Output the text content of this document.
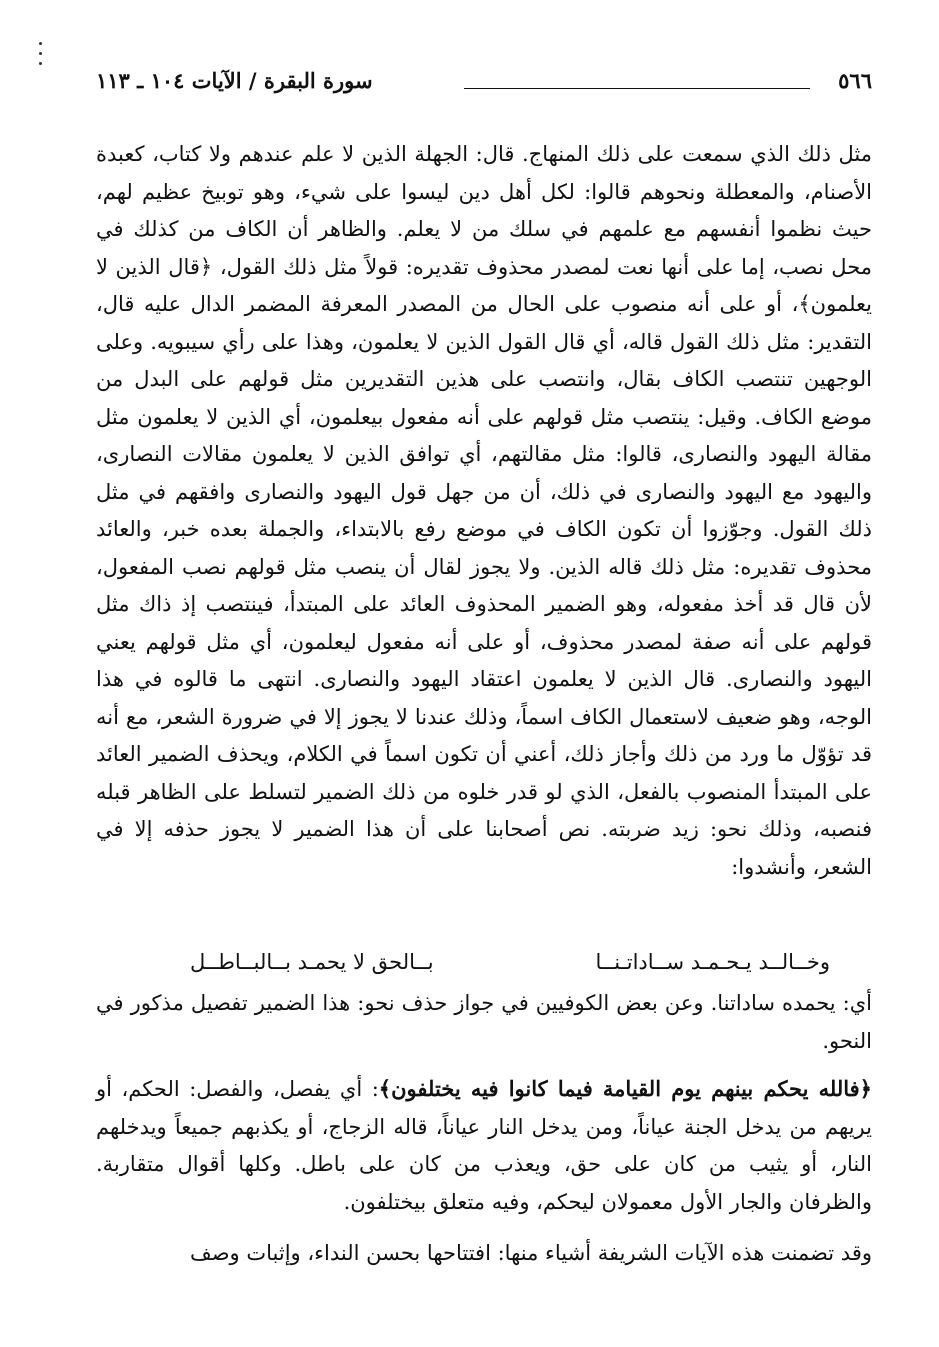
٥٦٦
سورة البقرة / الآيات ١٠٤ ـ ١١٣

مثل ذلك الذي سمعت على ذلك المنهاج. قال: الجهلة الذين لا علم عندهم ولا كتاب، كعبدة الأصنام، والمعطلة ونحوهم قالوا: لكل أهل دين ليسوا على شيء، وهو توبيخ عظيم لهم، حيث نظموا أنفسهم مع علمهم في سلك من لا يعلم. والظاهر أن الكاف من كذلك في محل نصب، إما على أنها نعت لمصدر محذوف تقديره: قولاً مثل ذلك القول، ﴿قال الذين لا يعلمون﴾، أو على أنه منصوب على الحال من المصدر المعرفة المضمر الدال عليه قال، التقدير: مثل ذلك القول قاله، أي قال القول الذين لا يعلمون، وهذا على رأي سيبويه. وعلى الوجهين تنتصب الكاف بقال، وانتصب على هذين التقديرين مثل قولهم على البدل من موضع الكاف. وقيل: ينتصب مثل قولهم على أنه مفعول بيعلمون، أي الذين لا يعلمون مثل مقالة اليهود والنصارى، قالوا: مثل مقالتهم، أي توافق الذين لا يعلمون مقالات النصارى، واليهود مع اليهود والنصارى في ذلك، أن من جهل قول اليهود والنصارى وافقهم في مثل ذلك القول. وجوّزوا أن تكون الكاف في موضع رفع بالابتداء، والجملة بعده خبر، والعائد محذوف تقديره: مثل ذلك قاله الذين. ولا يجوز لقال أن ينصب مثل قولهم نصب المفعول، لأن قال قد أخذ مفعوله، وهو الضمير المحذوف العائد على المبتدأ، فينتصب إذ ذاك مثل قولهم على أنه صفة لمصدر محذوف، أو على أنه مفعول ليعلمون، أي مثل قولهم يعني اليهود والنصارى. قال الذين لا يعلمون اعتقاد اليهود والنصارى. انتهى ما قالوه في هذا الوجه، وهو ضعيف لاستعمال الكاف اسماً، وذلك عندنا لا يجوز إلا في ضرورة الشعر، مع أنه قد تؤوّل ما ورد من ذلك وأجاز ذلك، أعني أن تكون اسماً في الكلام، ويحذف الضمير العائد على المبتدأ المنصوب بالفعل، الذي لو قدر خلوه من ذلك الضمير لتسلط على الظاهر قبله فنصبه، وذلك نحو: زيد ضربته. نص أصحابنا على أن هذا الضمير لا يجوز حذفه إلا في الشعر، وأنشدوا:

وخــالــد يـحـمـد ســاداتـنــا
بــالحق لا يحمـد بــالبــاطــل

أي: يحمده ساداتنا. وعن بعض الكوفيين في جواز حذف نحو: هذا الضمير تفصيل مذكور في النحو.

﴿فالله يحكم بينهم يوم القيامة فيما كانوا فيه يختلفون﴾: أي يفصل، والفصل: الحكم، أو يريهم من يدخل الجنة عياناً، ومن يدخل النار عياناً، قاله الزجاج، أو يكذبهم جميعاً ويدخلهم النار، أو يثيب من كان على حق، ويعذب من كان على باطل. وكلها أقوال متقاربة. والظرفان والجار الأول معمولان ليحكم، وفيه متعلق بيختلفون.

وقد تضمنت هذه الآيات الشريفة أشياء منها: افتتاحها بحسن النداء، وإثبات وصف
